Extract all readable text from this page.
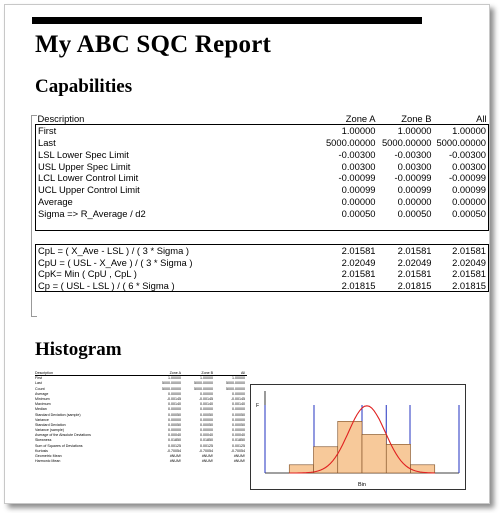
My ABC SQC Report
Capabilities
Description	Zone A	Zone B	All
First	1.00000	1.00000	1.00000
Last	5000.00000	5000.00000	5000.00000
LSL Lower Spec Limit	-0.00300	-0.00300	-0.00300
USL Upper Spec Limit	0.00300	0.00300	0.00300
LCL Lower Control Limit	-0.00099	-0.00099	-0.00099
UCL Upper Control Limit	0.00099	0.00099	0.00099
Average	0.00000	0.00000	0.00000
Sigma => R_Average / d2	0.00050	0.00050	0.00050

CpL = ( X_Ave - LSL ) / ( 3 * Sigma )	2.01581	2.01581	2.01581
CpU = ( USL - X_Ave ) / ( 3 * Sigma )	2.02049	2.02049	2.02049
CpK= Min ( CpU , CpL )	2.01581	2.01581	2.01581
Cp = ( USL - LSL ) / ( 6 * Sigma )	2.01815	2.01815	2.01815
Histogram
Description	Zone A	Zone B	All
First	1.00000	1.00000	1.00000
Last	5000.00000	5000.00000	5000.00000
Count	5000.00000	5000.00000	5000.00000
Average	0.00000	0.00000	0.00000
Minimum	-0.00145	-0.00145	-0.00145
Maximum	0.00140	0.00140	0.00140
Median	0.00000	0.00000	0.00000
Standard Deviation (sample)	0.00050	0.00050	0.00050
Variance	0.00000	0.00000	0.00000
Standard Deviation	0.00050	0.00050	0.00050
Variance (sample)	0.00000	0.00000	0.00000
Average of the Absolute Deviations	0.00040	0.00040	0.00040
Skewness	0.01850	0.01850	0.01850
Sum of Squares of Deviations	0.00125	0.00125	0.00125
Kurtosis	-0.70054	-0.70054	-0.70054
Geometric Mean	#NUM!	#NUM!	#NUM!
Harmonic Mean	#NUM!	#NUM!	#NUM!
F
Bin
